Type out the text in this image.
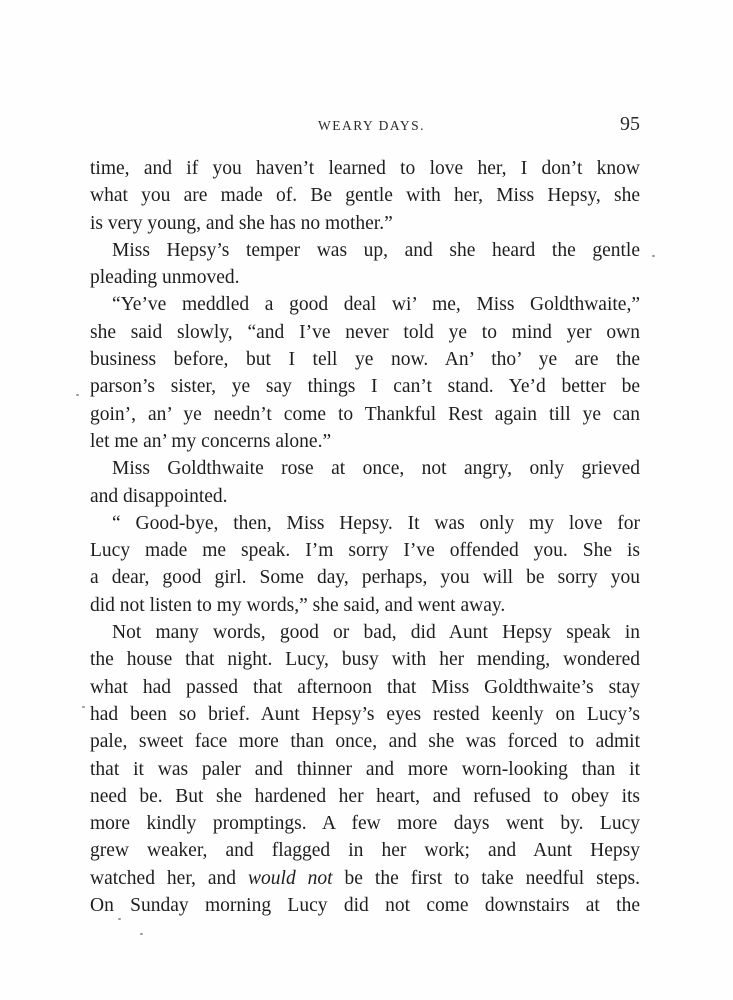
WEARY DAYS.	95
time, and if you haven’t learned to love her, I don’t know
what you are made of. Be gentle with her, Miss Hepsy, she
is very young, and she has no mother.”
Miss Hepsy’s temper was up, and she heard the gentle
pleading unmoved.
“Ye’ve meddled a good deal wi’ me, Miss Goldthwaite,”
she said slowly, “and I’ve never told ye to mind yer own
business before, but I tell ye now. An’ tho’ ye are the
parson’s sister, ye say things I can’t stand. Ye’d better be
goin’, an’ ye needn’t come to Thankful Rest again till ye can
let me an’ my concerns alone.”
Miss Goldthwaite rose at once, not angry, only grieved
and disappointed.
“ Good-bye, then, Miss Hepsy. It was only my love for
Lucy made me speak. I’m sorry I’ve offended you. She is
a dear, good girl. Some day, perhaps, you will be sorry you
did not listen to my words,” she said, and went away.
Not many words, good or bad, did Aunt Hepsy speak in
the house that night. Lucy, busy with her mending, wondered
what had passed that afternoon that Miss Goldthwaite’s stay
had been so brief. Aunt Hepsy’s eyes rested keenly on Lucy’s
pale, sweet face more than once, and she was forced to admit
that it was paler and thinner and more worn-looking than it
need be. But she hardened her heart, and refused to obey its
more kindly promptings. A few more days went by. Lucy
grew weaker, and flagged in her work; and Aunt Hepsy
watched her, and would not be the first to take needful steps.
On Sunday morning Lucy did not come downstairs at the
